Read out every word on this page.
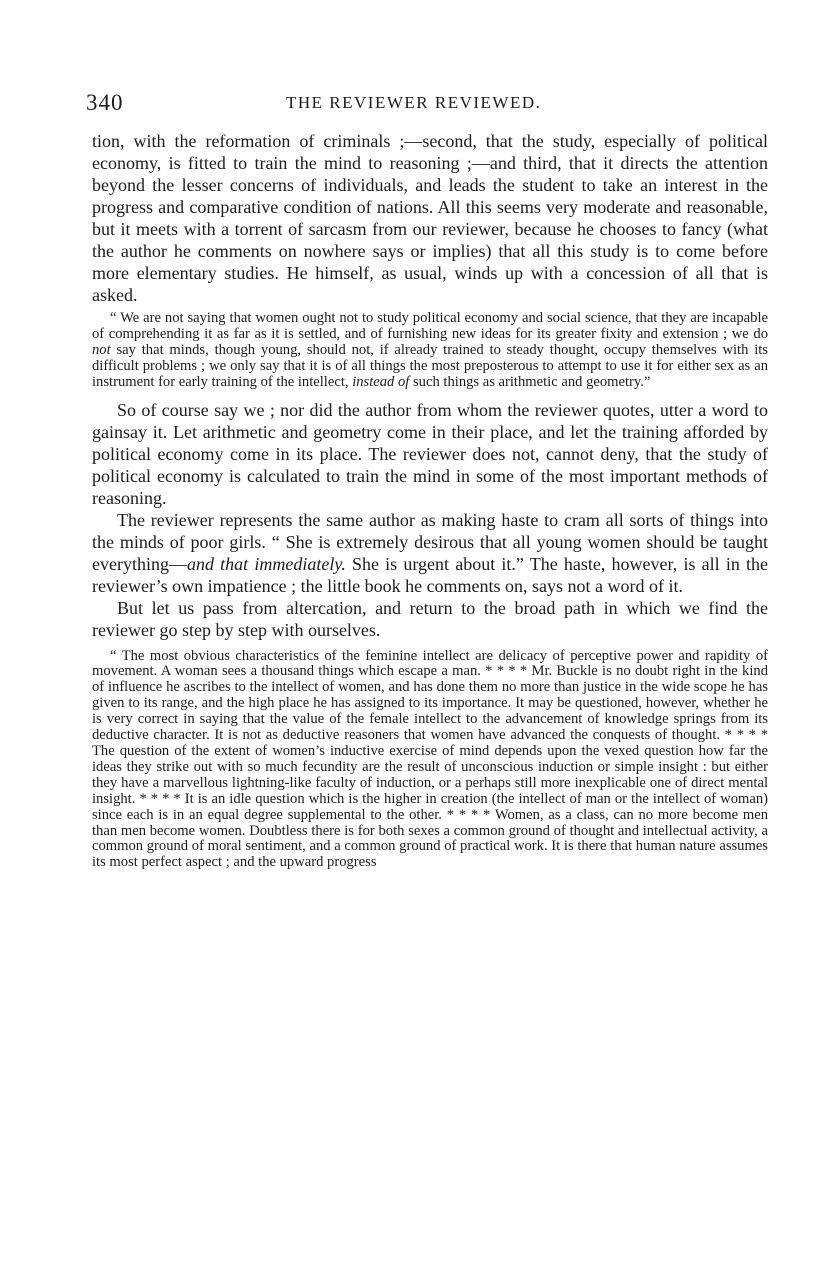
340	THE REVIEWER REVIEWED.

tion, with the reformation of criminals ;—second, that the study, especially of political economy, is fitted to train the mind to reasoning ;—and third, that it directs the attention beyond the lesser concerns of individuals, and leads the student to take an interest in the progress and comparative condition of nations. All this seems very moderate and reasonable, but it meets with a torrent of sarcasm from our reviewer, because he chooses to fancy (what the author he comments on nowhere says or implies) that all this study is to come before more elementary studies. He himself, as usual, winds up with a concession of all that is asked.

“ We are not saying that women ought not to study political economy and social science, that they are incapable of comprehending it as far as it is settled, and of furnishing new ideas for its greater fixity and extension ; we do not say that minds, though young, should not, if already trained to steady thought, occupy themselves with its difficult problems ; we only say that it is of all things the most preposterous to attempt to use it for either sex as an instrument for early training of the intellect, instead of such things as arithmetic and geometry.”

So of course say we ; nor did the author from whom the reviewer quotes, utter a word to gainsay it. Let arithmetic and geometry come in their place, and let the training afforded by political economy come in its place. The reviewer does not, cannot deny, that the study of political economy is calculated to train the mind in some of the most important methods of reasoning.

The reviewer represents the same author as making haste to cram all sorts of things into the minds of poor girls. “ She is extremely desirous that all young women should be taught everything—and that immediately. She is urgent about it.” The haste, however, is all in the reviewer’s own impatience ; the little book he comments on, says not a word of it.

But let us pass from altercation, and return to the broad path in which we find the reviewer go step by step with ourselves.

“ The most obvious characteristics of the feminine intellect are delicacy of perceptive power and rapidity of movement. A woman sees a thousand things which escape a man. * * * * Mr. Buckle is no doubt right in the kind of influence he ascribes to the intellect of women, and has done them no more than justice in the wide scope he has given to its range, and the high place he has assigned to its importance. It may be questioned, however, whether he is very correct in saying that the value of the female intellect to the advancement of knowledge springs from its deductive character. It is not as deductive reasoners that women have advanced the conquests of thought. * * * * The question of the extent of women’s inductive exercise of mind depends upon the vexed question how far the ideas they strike out with so much fecundity are the result of unconscious induction or simple insight : but either they have a marvellous lightning-like faculty of induction, or a perhaps still more inexplicable one of direct mental insight. * * * * It is an idle question which is the higher in creation (the intellect of man or the intellect of woman) since each is in an equal degree supplemental to the other. * * * * Women, as a class, can no more become men than men become women. Doubtless there is for both sexes a common ground of thought and intellectual activity, a common ground of moral sentiment, and a common ground of practical work. It is there that human nature assumes its most perfect aspect ; and the upward progress
